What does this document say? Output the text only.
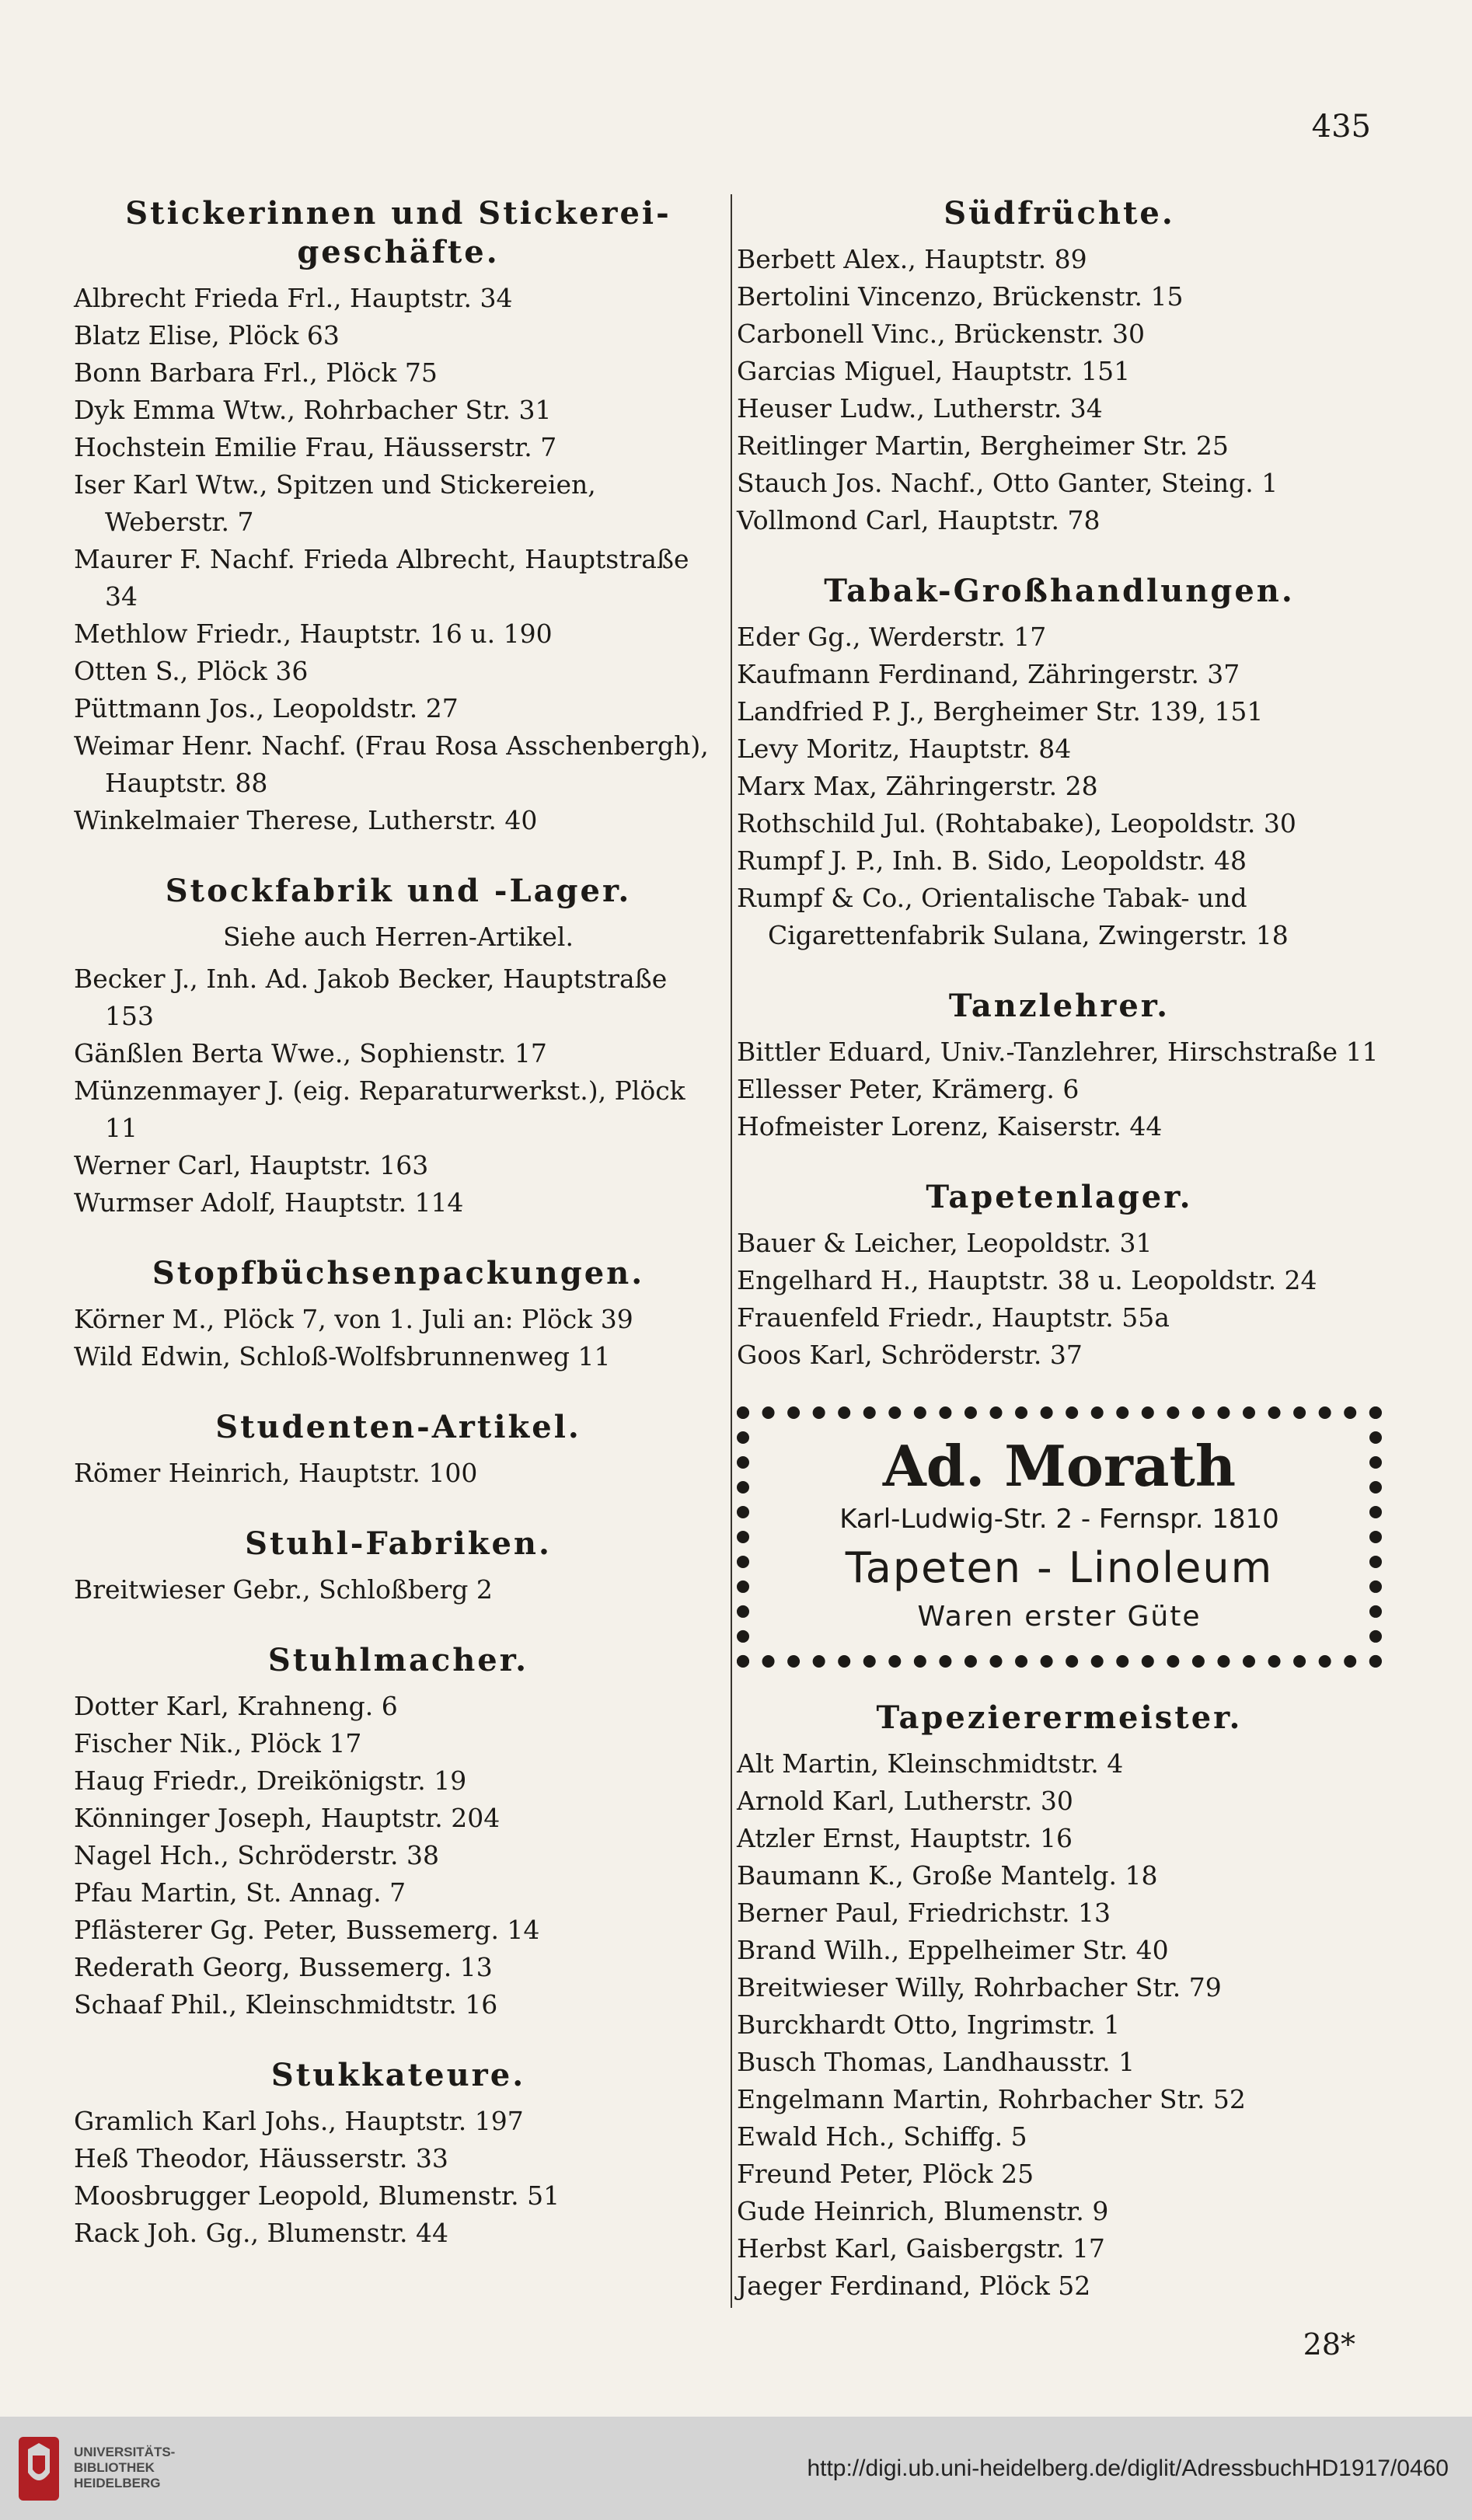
435
Stickerinnen und Stickerei-geschäfte.
Albrecht Frieda Frl., Hauptstr. 34
Blatz Elise, Plöck 63
Bonn Barbara Frl., Plöck 75
Dyk Emma Wtw., Rohrbacher Str. 31
Hochstein Emilie Frau, Häusserstr. 7
Iser Karl Wtw., Spitzen und Stickereien, Weberstr. 7
Maurer F. Nachf. Frieda Albrecht, Hauptstraße 34
Methlow Friedr., Hauptstr. 16 u. 190
Otten S., Plöck 36
Püttmann Jos., Leopoldstr. 27
Weimar Henr. Nachf. (Frau Rosa Asschenbergh), Hauptstr. 88
Winkelmaier Therese, Lutherstr. 40
Stockfabrik und -Lager.
Siehe auch Herren-Artikel.
Becker J., Inh. Ad. Jakob Becker, Hauptstraße 153
Gänßlen Berta Wwe., Sophienstr. 17
Münzenmayer J. (eig. Reparaturwerkst.), Plöck 11
Werner Carl, Hauptstr. 163
Wurmser Adolf, Hauptstr. 114
Stopfbüchsenpackungen.
Körner M., Plöck 7, von 1. Juli an: Plöck 39
Wild Edwin, Schloß-Wolfsbrunnenweg 11
Studenten-Artikel.
Römer Heinrich, Hauptstr. 100
Stuhl-Fabriken.
Breitwieser Gebr., Schloßberg 2
Stuhlmacher.
Dotter Karl, Krahneng. 6
Fischer Nik., Plöck 17
Haug Friedr., Dreikönigstr. 19
Könninger Joseph, Hauptstr. 204
Nagel Hch., Schröderstr. 38
Pfau Martin, St. Annag. 7
Pflästerer Gg. Peter, Bussemerg. 14
Rederath Georg, Bussemerg. 13
Schaaf Phil., Kleinschmidtstr. 16
Stukkateure.
Gramlich Karl Johs., Hauptstr. 197
Heß Theodor, Häusserstr. 33
Moosbrugger Leopold, Blumenstr. 51
Rack Joh. Gg., Blumenstr. 44
Südfrüchte.
Berbett Alex., Hauptstr. 89
Bertolini Vincenzo, Brückenstr. 15
Carbonell Vinc., Brückenstr. 30
Garcias Miguel, Hauptstr. 151
Heuser Ludw., Lutherstr. 34
Reitlinger Martin, Bergheimer Str. 25
Stauch Jos. Nachf., Otto Ganter, Steing. 1
Vollmond Carl, Hauptstr. 78
Tabak-Großhandlungen.
Eder Gg., Werderstr. 17
Kaufmann Ferdinand, Zähringerstr. 37
Landfried P. J., Bergheimer Str. 139, 151
Levy Moritz, Hauptstr. 84
Marx Max, Zähringerstr. 28
Rothschild Jul. (Rohtabake), Leopoldstr. 30
Rumpf J. P., Inh. B. Sido, Leopoldstr. 48
Rumpf & Co., Orientalische Tabak- und Cigarettenfabrik Sulana, Zwingerstr. 18
Tanzlehrer.
Bittler Eduard, Univ.-Tanzlehrer, Hirschstraße 11
Ellesser Peter, Krämerg. 6
Hofmeister Lorenz, Kaiserstr. 44
Tapetenlager.
Bauer & Leicher, Leopoldstr. 31
Engelhard H., Hauptstr. 38 u. Leopoldstr. 24
Frauenfeld Friedr., Hauptstr. 55a
Goos Karl, Schröderstr. 37
Ad. Morath
Karl-Ludwig-Str. 2 - Fernspr. 1810
Tapeten - Linoleum
Waren erster Güte
Tapezierermeister.
Alt Martin, Kleinschmidtstr. 4
Arnold Karl, Lutherstr. 30
Atzler Ernst, Hauptstr. 16
Baumann K., Große Mantelg. 18
Berner Paul, Friedrichstr. 13
Brand Wilh., Eppelheimer Str. 40
Breitwieser Willy, Rohrbacher Str. 79
Burckhardt Otto, Ingrimstr. 1
Busch Thomas, Landhausstr. 1
Engelmann Martin, Rohrbacher Str. 52
Ewald Hch., Schiffg. 5
Freund Peter, Plöck 25
Gude Heinrich, Blumenstr. 9
Herbst Karl, Gaisbergstr. 17
Jaeger Ferdinand, Plöck 52
28*
UNIVERSITÄTS-
BIBLIOTHEK
HEIDELBERG
http://digi.ub.uni-heidelberg.de/diglit/AdressbuchHD1917/0460
